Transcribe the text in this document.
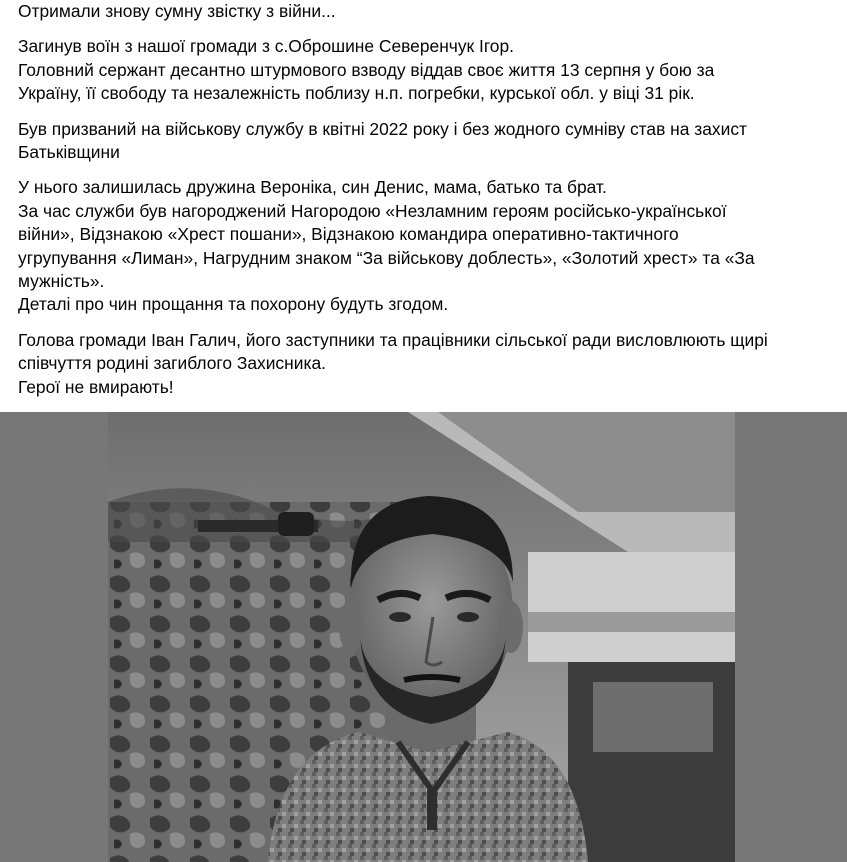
Отримали знову сумну звістку з війни...

Загинув воїн з нашої громади з с.Оброшине Северенчук Ігор.
Головний сержант десантно штурмового взводу віддав своє життя 13 серпня у бою за
Україну, її свободу та незалежність поблизу н.п. погребки, курської обл. у віці 31 рік.

Був призваний на військову службу в квітні 2022 року і без жодного сумніву став на захист
Батьківщини

У нього залишилась дружина Вероніка, син Денис, мама, батько та брат.
За час служби був нагороджений Нагородою «Незламним героям російсько-української
війни», Відзнакою «Хрест пошани», Відзнакою командира оперативно-тактичного
угрупування «Лиман», Нагрудним знаком “За військову доблесть», «Золотий хрест» та «За
мужність».
Деталі про чин прощання та похорону будуть згодом.

Голова громади Іван Галич, його заступники та працівники сільської ради висловлюють щирі
співчуття родині загиблого Захисника.
Герої не вмирають!
